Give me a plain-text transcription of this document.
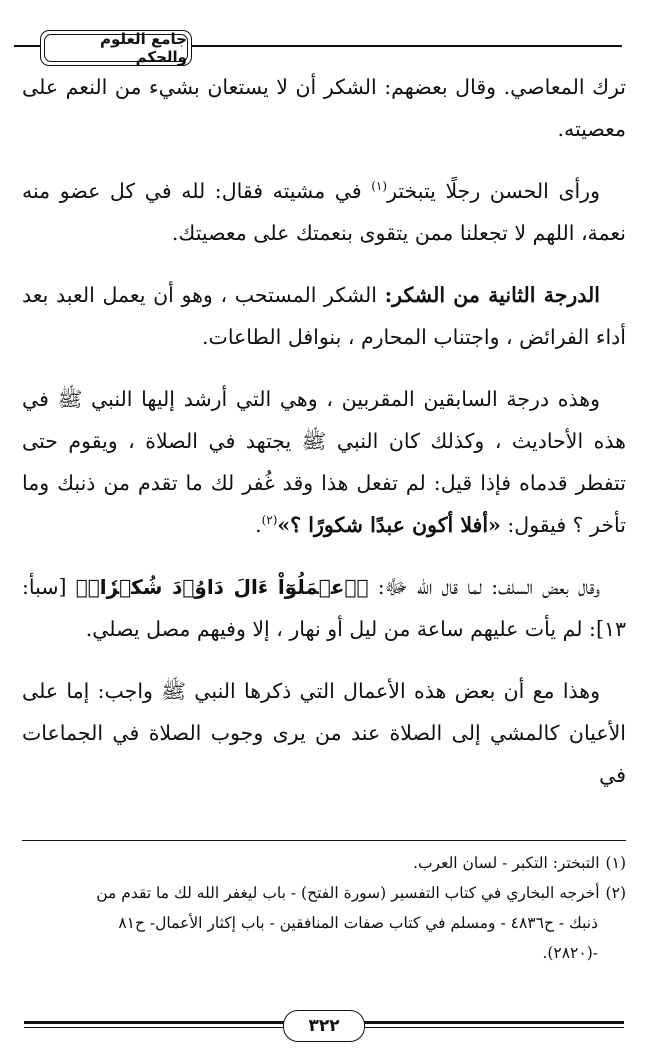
جامع العلوم والحكم

ترك المعاصي. وقال بعضهم: الشكر أن لا يستعان بشيء من النعم على معصيته.

ورأى الحسن رجلًا يتبختر$^{(١)}$ في مشيته فقال: لله في كل عضو منه نعمة، اللهم لا تجعلنا ممن يتقوى بنعمتك على معصيتك.

الدرجة الثانية من الشكر: الشكر المستحب ، وهو أن يعمل العبد بعد أداء الفرائض ، واجتناب المحارم ، بنوافل الطاعات.

وهذه درجة السابقين المقربين ، وهي التي أرشد إليها النبي ﷺ في هذه الأحاديث ، وكذلك كان النبي ﷺ يجتهد في الصلاة ، ويقوم حتى تتفطر قدماه فإذا قيل: لم تفعل هذا وقد غُفر لك ما تقدم من ذنبك وما تأخر ؟ فيقول: «أفلا أكون عبدًا شكورًا ؟»$^{(٢)}$.

وقال بعض السلف: لما قال الله ﷻ: ﴿ٱعۡمَلُوٓاْ ءَالَ دَاوُۥدَ شُكۡرٗاۚ﴾ [سبأ: ١٣]: لم يأت عليهم ساعة من ليل أو نهار ، إلا وفيهم مصل يصلي.

وهذا مع أن بعض هذه الأعمال التي ذكرها النبي ﷺ واجب: إما على الأعيان كالمشي إلى الصلاة عند من يرى وجوب الصلاة في الجماعات في

(١)التبختر: التكبر - لسان العرب.

(٢)أخرجه البخاري في كتاب التفسير (سورة الفتح) - باب ليغفر الله لك ما تقدم من

ذنبك - ح٤٨٣٦ - ومسلم في كتاب صفات المنافقين - باب إكثار الأعمال- ح٨١

-(٢٨٢٠).

٣٢٢
